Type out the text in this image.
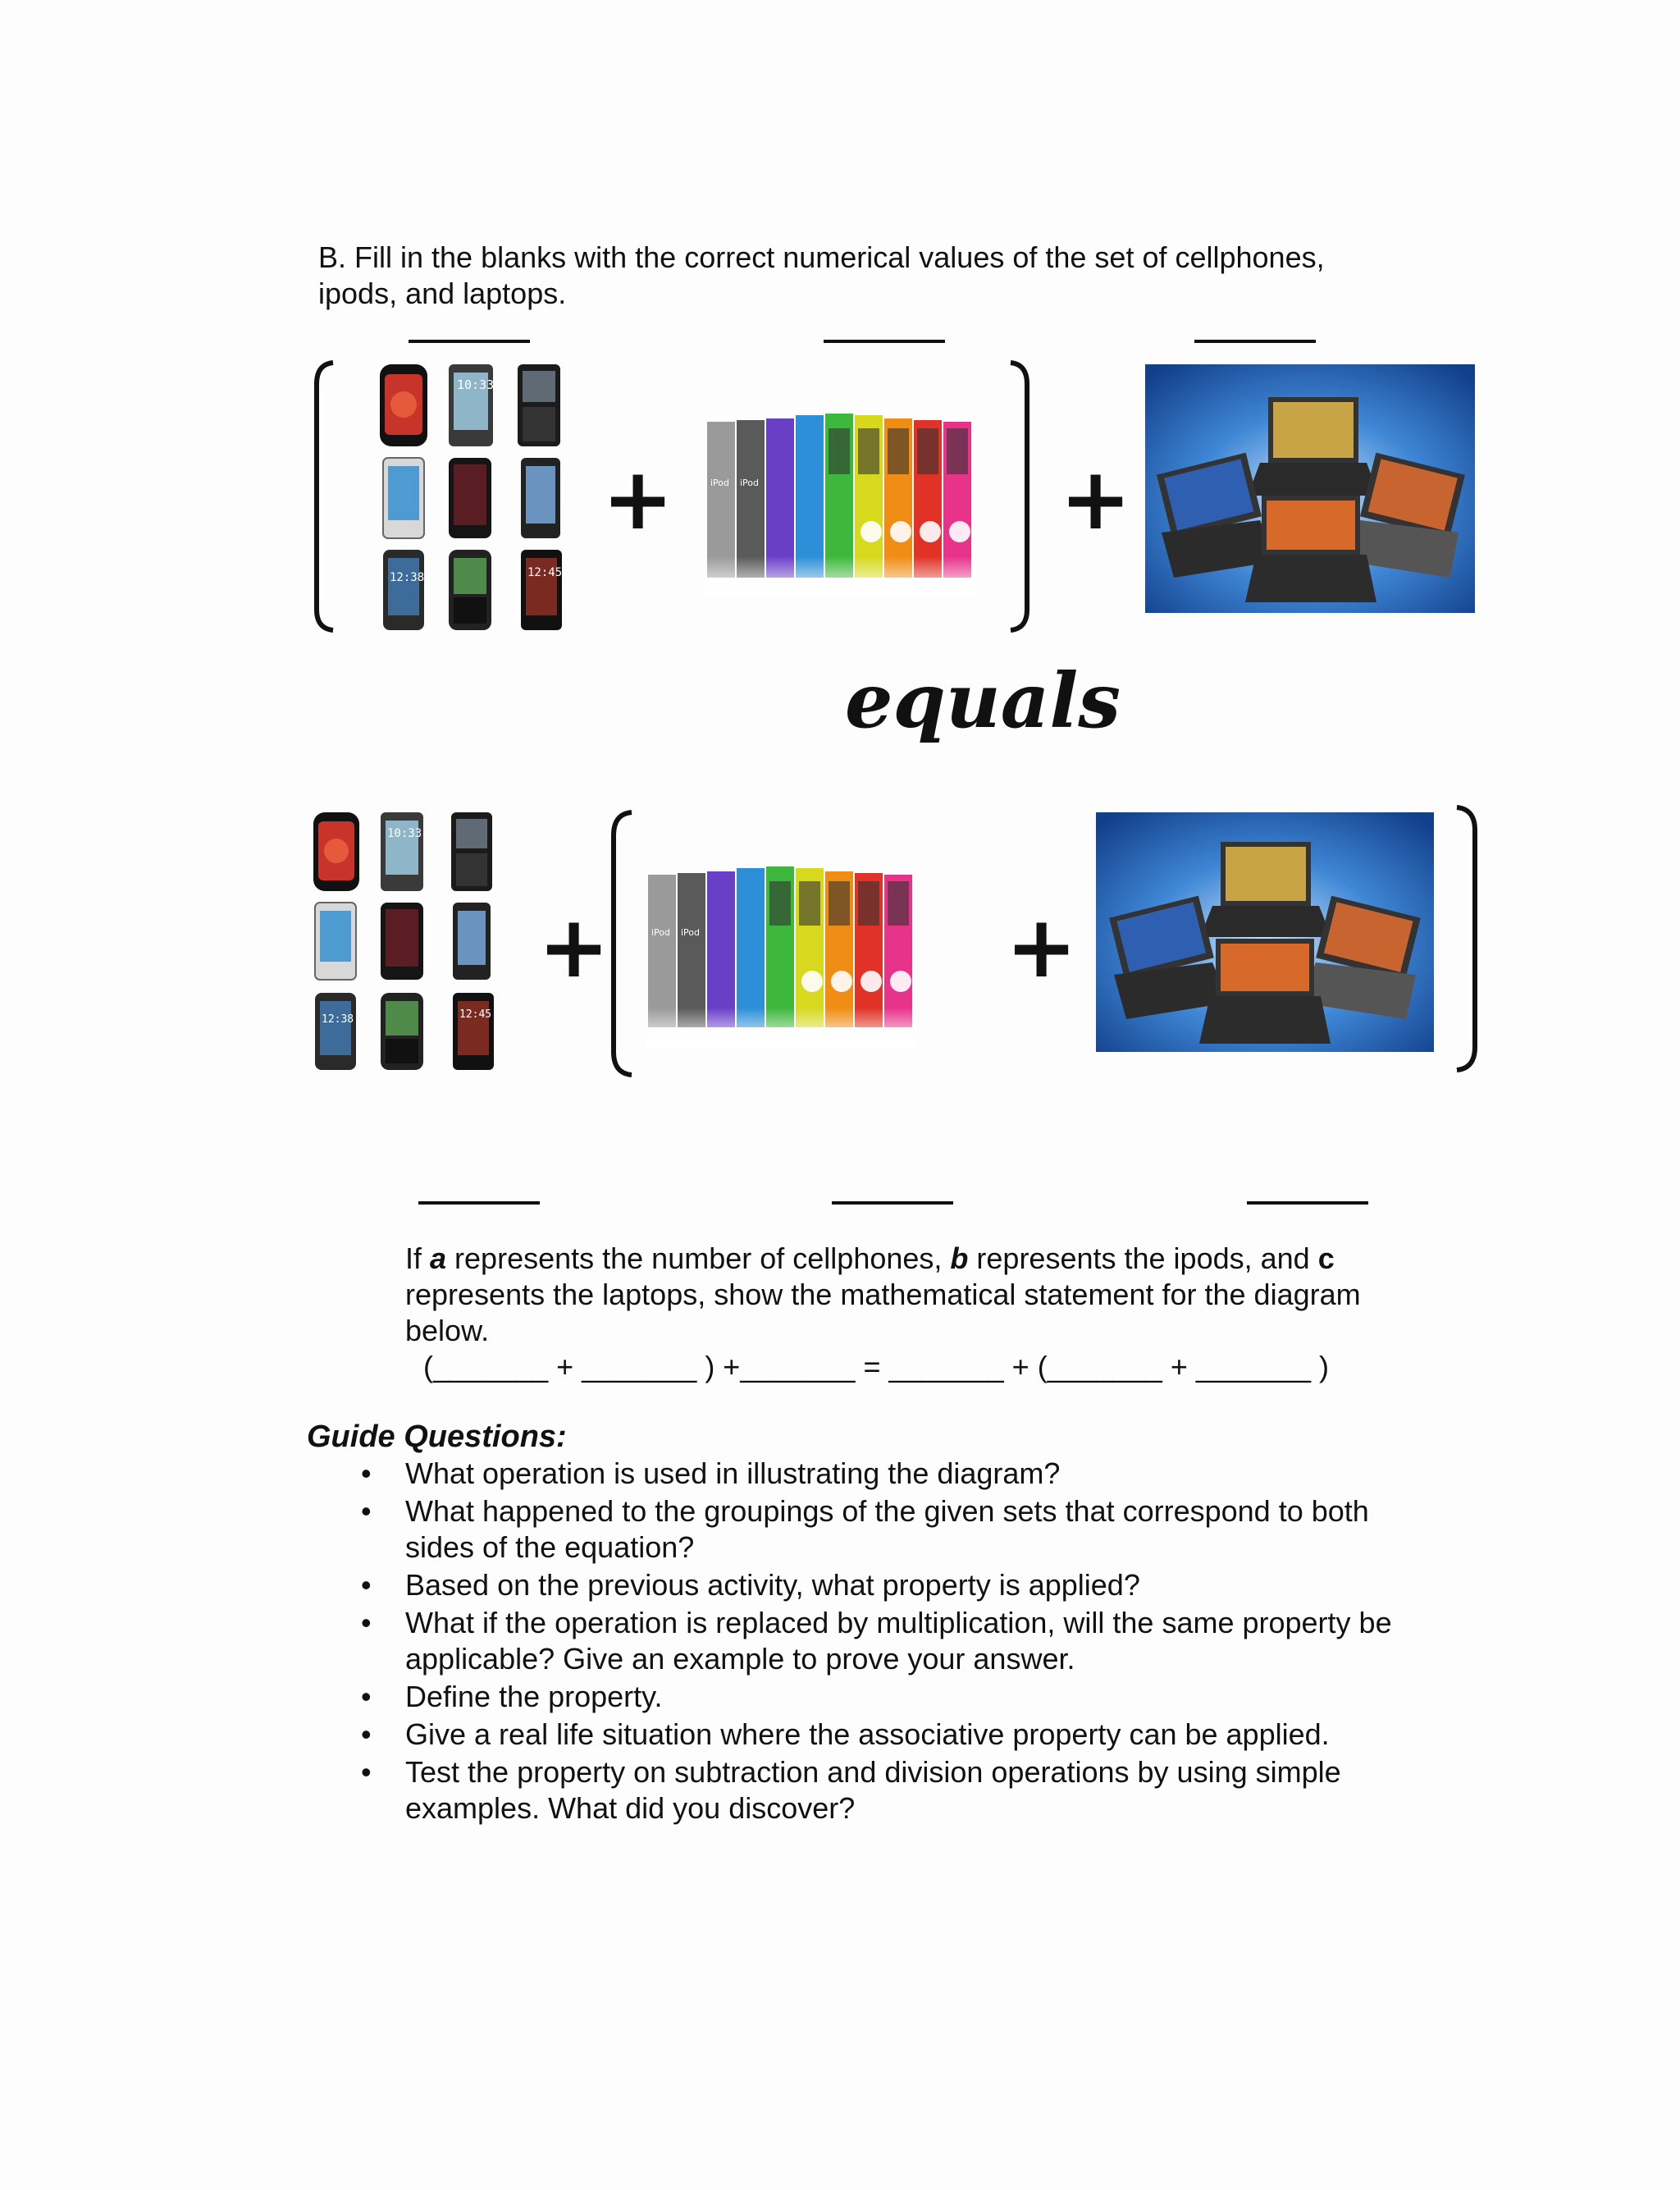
B. Fill in the blanks with the correct numerical values of the set of cellphones,
ipods, and laptops.
10:33
12:38	12:45
+	iPod iPod	+
equals
10:33
12:38	12:45
+	iPod iPod	+
If a represents the number of cellphones, b represents the ipods, and c
represents the laptops, show the mathematical statement for the diagram
below.
(_______ + _______ ) +_______ = _______ + (_______ + _______ )
Guide Questions:
• What operation is used in illustrating the diagram?
• What happened to the groupings of the given sets that correspond to both sides of the equation?
• Based on the previous activity, what property is applied?
• What if the operation is replaced by multiplication, will the same property be applicable? Give an example to prove your answer.
• Define the property.
• Give a real life situation where the associative property can be applied.
• Test the property on subtraction and division operations by using simple examples. What did you discover?
